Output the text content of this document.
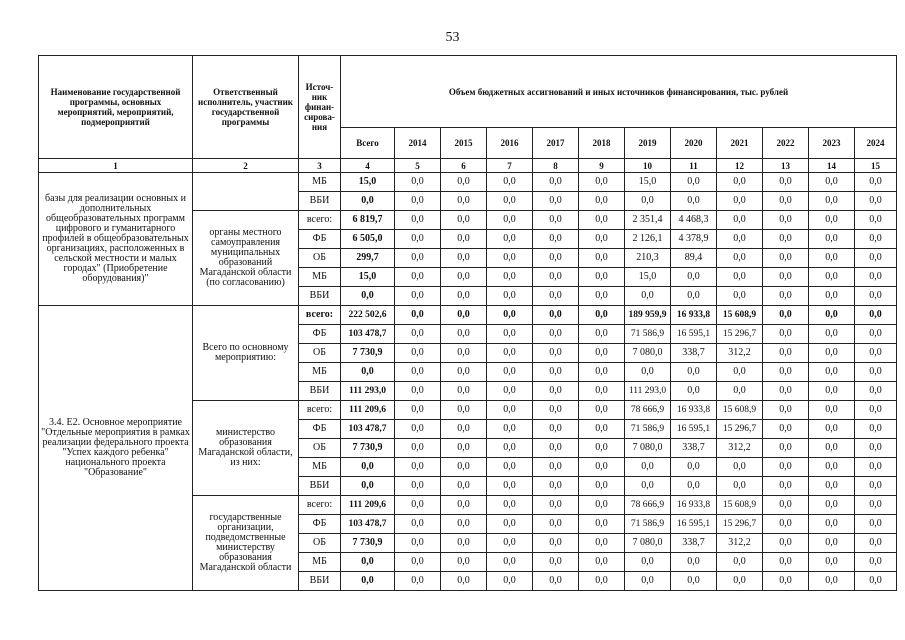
53
Наименование государственной программы, основных мероприятий, мероприятий, подмероприятий	Ответственный исполнитель, участник государственной программы	Источ-ник финан-сирова-ния	Объем бюджетных ассигнований и иных источников финансирования, тыс. рублей											
			Всего	2014	2015	2016	2017	2018	2019	2020	2021	2022	2023	2024
1	2	3	4	5	6	7	8	9	10	11	12	13	14	15
базы для реализации основных и дополнительных общеобразовательных программ цифрового и гуманитарного профилей в общеобразовательных организациях, расположенных в сельской местности и малых городах" (Приобретение оборудования)"		МБ	15,0	0,0	0,0	0,0	0,0	0,0	15,0	0,0	0,0	0,0	0,0	0,0
		ВБИ	0,0	0,0	0,0	0,0	0,0	0,0	0,0	0,0	0,0	0,0	0,0	0,0
	органы местного самоуправления муниципальных образований Магаданской области (по согласованию)	всего:	6 819,7	0,0	0,0	0,0	0,0	0,0	2 351,4	4 468,3	0,0	0,0	0,0	0,0
		ФБ	6 505,0	0,0	0,0	0,0	0,0	0,0	2 126,1	4 378,9	0,0	0,0	0,0	0,0
		ОБ	299,7	0,0	0,0	0,0	0,0	0,0	210,3	89,4	0,0	0,0	0,0	0,0
		МБ	15,0	0,0	0,0	0,0	0,0	0,0	15,0	0,0	0,0	0,0	0,0	0,0
		ВБИ	0,0	0,0	0,0	0,0	0,0	0,0	0,0	0,0	0,0	0,0	0,0	0,0
3.4. Е2. Основное мероприятие "Отдельные мероприятия в рамках реализации федерального проекта "Успех каждого ребенка" национального проекта "Образование"	Всего по основному мероприятию:	всего:	222 502,6	0,0	0,0	0,0	0,0	0,0	189 959,9	16 933,8	15 608,9	0,0	0,0	0,0
		ФБ	103 478,7	0,0	0,0	0,0	0,0	0,0	71 586,9	16 595,1	15 296,7	0,0	0,0	0,0
		ОБ	7 730,9	0,0	0,0	0,0	0,0	0,0	7 080,0	338,7	312,2	0,0	0,0	0,0
		МБ	0,0	0,0	0,0	0,0	0,0	0,0	0,0	0,0	0,0	0,0	0,0	0,0
		ВБИ	111 293,0	0,0	0,0	0,0	0,0	0,0	111 293,0	0,0	0,0	0,0	0,0	0,0
	министерство образования Магаданской области, из них:	всего:	111 209,6	0,0	0,0	0,0	0,0	0,0	78 666,9	16 933,8	15 608,9	0,0	0,0	0,0
		ФБ	103 478,7	0,0	0,0	0,0	0,0	0,0	71 586,9	16 595,1	15 296,7	0,0	0,0	0,0
		ОБ	7 730,9	0,0	0,0	0,0	0,0	0,0	7 080,0	338,7	312,2	0,0	0,0	0,0
		МБ	0,0	0,0	0,0	0,0	0,0	0,0	0,0	0,0	0,0	0,0	0,0	0,0
		ВБИ	0,0	0,0	0,0	0,0	0,0	0,0	0,0	0,0	0,0	0,0	0,0	0,0
	государственные организации, подведомственные министерству образования Магаданской области	всего:	111 209,6	0,0	0,0	0,0	0,0	0,0	78 666,9	16 933,8	15 608,9	0,0	0,0	0,0
		ФБ	103 478,7	0,0	0,0	0,0	0,0	0,0	71 586,9	16 595,1	15 296,7	0,0	0,0	0,0
		ОБ	7 730,9	0,0	0,0	0,0	0,0	0,0	7 080,0	338,7	312,2	0,0	0,0	0,0
		МБ	0,0	0,0	0,0	0,0	0,0	0,0	0,0	0,0	0,0	0,0	0,0	0,0
		ВБИ	0,0	0,0	0,0	0,0	0,0	0,0	0,0	0,0	0,0	0,0	0,0	0,0
